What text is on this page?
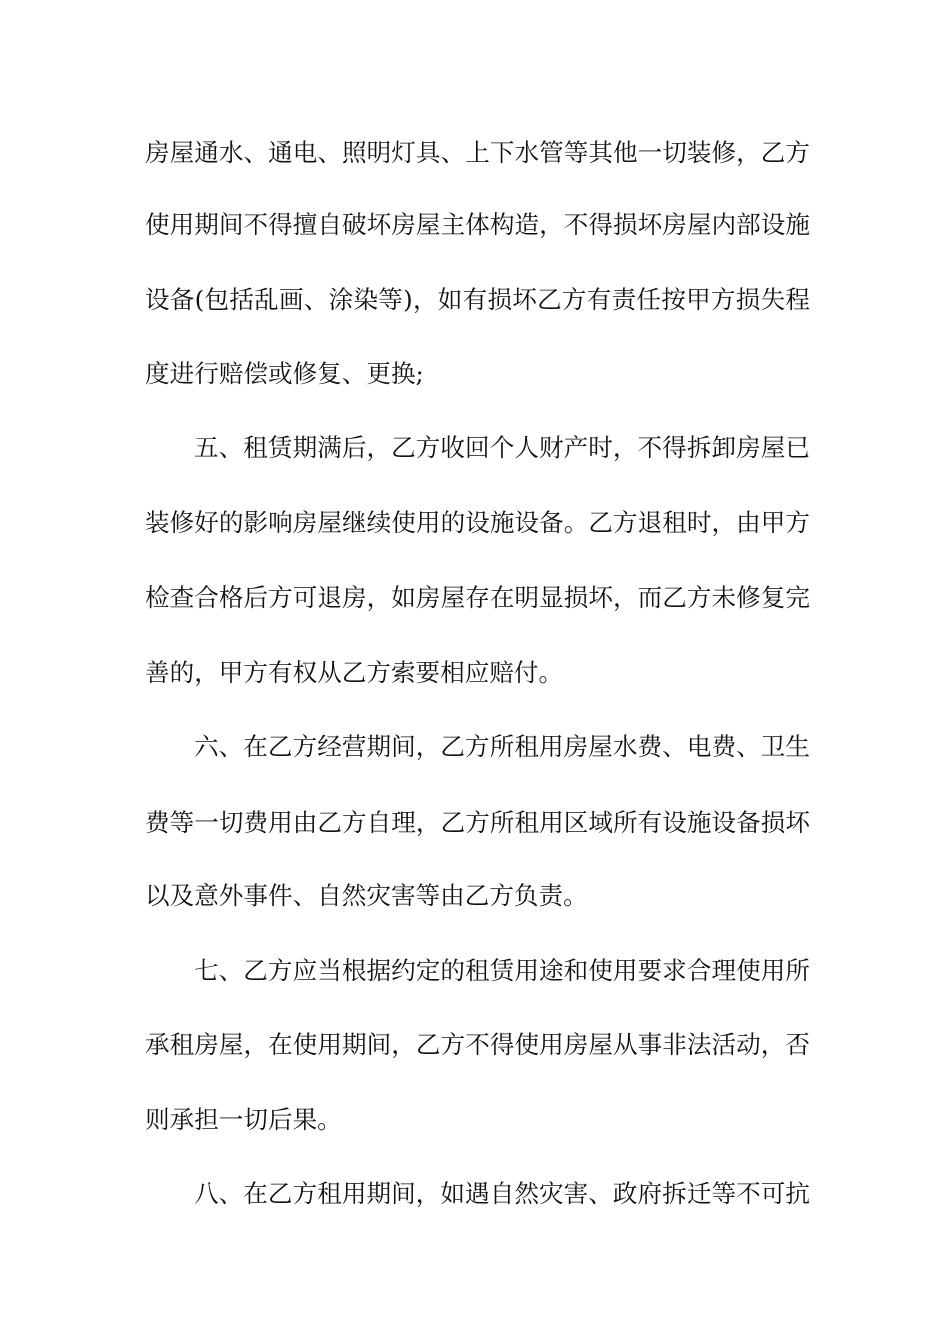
房屋通水、通电、照明灯具、上下水管等其他一切装修，乙方
使用期间不得擅自破坏房屋主体构造，不得损坏房屋内部设施
设备(包括乱画、涂染等)，如有损坏乙方有责任按甲方损失程
度进行赔偿或修复、更换;
五、租赁期满后，乙方收回个人财产时，不得拆卸房屋已
装修好的影响房屋继续使用的设施设备。乙方退租时，由甲方
检查合格后方可退房，如房屋存在明显损坏，而乙方未修复完
善的，甲方有权从乙方索要相应赔付。
六、在乙方经营期间，乙方所租用房屋水费、电费、卫生
费等一切费用由乙方自理，乙方所租用区域所有设施设备损坏
以及意外事件、自然灾害等由乙方负责。
七、乙方应当根据约定的租赁用途和使用要求合理使用所
承租房屋，在使用期间，乙方不得使用房屋从事非法活动，否
则承担一切后果。
八、在乙方租用期间，如遇自然灾害、政府拆迁等不可抗
